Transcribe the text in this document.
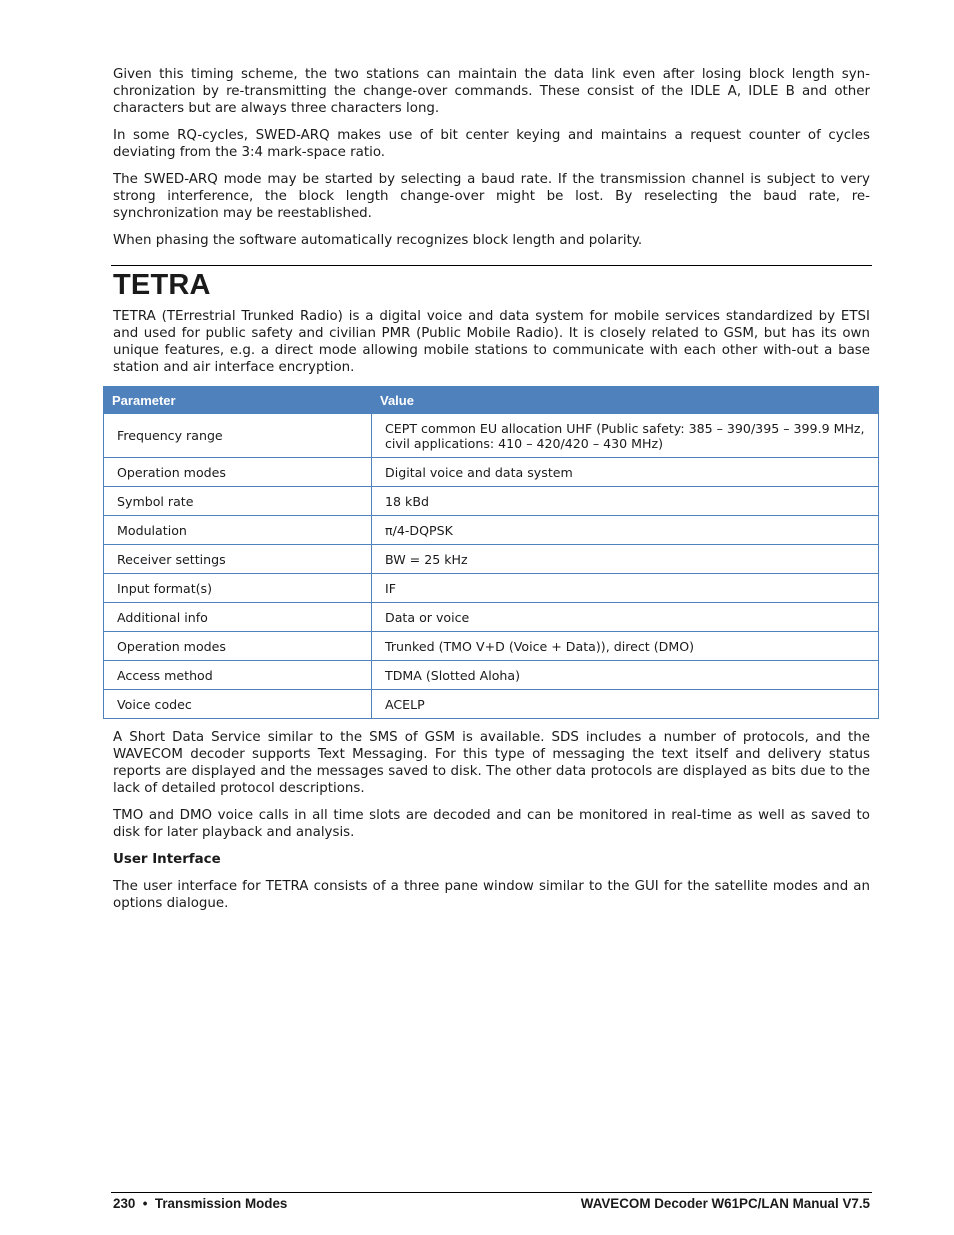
Given this timing scheme, the two stations can maintain the data link even after losing block length syn-chronization by re-transmitting the change-over commands. These consist of the IDLE A, IDLE B and other characters but are always three characters long.

In some RQ-cycles, SWED-ARQ makes use of bit center keying and maintains a request counter of cycles deviating from the 3:4 mark-space ratio.

The SWED-ARQ mode may be started by selecting a baud rate. If the transmission channel is subject to very strong interference, the block length change-over might be lost. By reselecting the baud rate, re-synchronization may be reestablished.

When phasing the software automatically recognizes block length and polarity.

TETRA

TETRA (TErrestrial Trunked Radio) is a digital voice and data system for mobile services standardized by ETSI and used for public safety and civilian PMR (Public Mobile Radio). It is closely related to GSM, but has its own unique features, e.g. a direct mode allowing mobile stations to communicate with each other with-out a base station and air interface encryption.

Parameter	Value
Frequency range	CEPT common EU allocation UHF (Public safety: 385 – 390/395 – 399.9 MHz, civil applications: 410 – 420/420 – 430 MHz)
Operation modes	Digital voice and data system
Symbol rate	18 kBd
Modulation	π/4-DQPSK
Receiver settings	BW = 25 kHz
Input format(s)	IF
Additional info	Data or voice
Operation modes	Trunked (TMO V+D (Voice + Data)), direct (DMO)
Access method	TDMA (Slotted Aloha)
Voice codec	ACELP

A Short Data Service similar to the SMS of GSM is available. SDS includes a number of protocols, and the WAVECOM decoder supports Text Messaging. For this type of messaging the text itself and delivery status reports are displayed and the messages saved to disk. The other data protocols are displayed as bits due to the lack of detailed protocol descriptions.

TMO and DMO voice calls in all time slots are decoded and can be monitored in real-time as well as saved to disk for later playback and analysis.

User Interface

The user interface for TETRA consists of a three pane window similar to the GUI for the satellite modes and an options dialogue.

230  •  Transmission Modes	WAVECOM Decoder W61PC/LAN Manual V7.5
